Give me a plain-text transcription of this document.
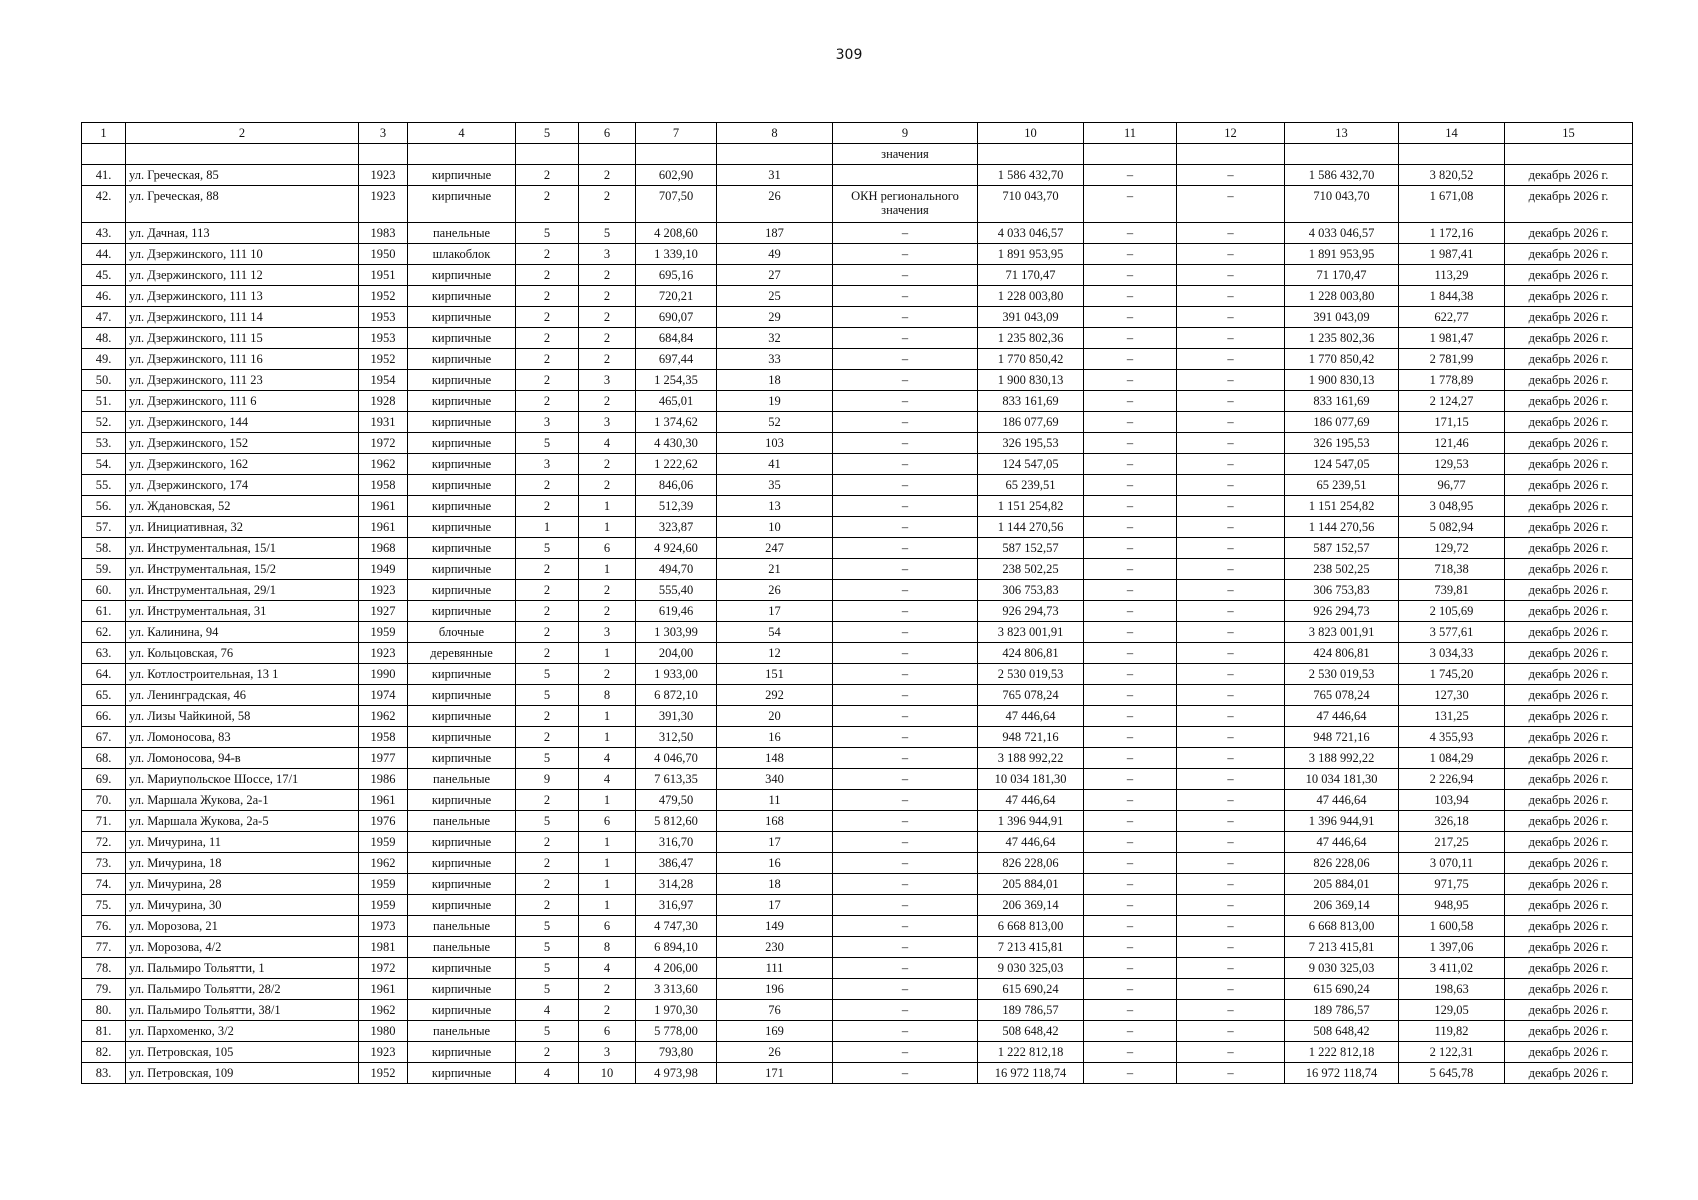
309
1	2	3	4	5	6	7	8	9	10	11	12	13	14	15
								значения						
41.	ул. Греческая, 85	1923	кирпичные	2	2	602,90	31		1 586 432,70	–	–	1 586 432,70	3 820,52	декабрь 2026 г.
42.	ул. Греческая, 88	1923	кирпичные	2	2	707,50	26	ОКН регионального значения	710 043,70	–	–	710 043,70	1 671,08	декабрь 2026 г.
43.	ул. Дачная, 113	1983	панельные	5	5	4 208,60	187	–	4 033 046,57	–	–	4 033 046,57	1 172,16	декабрь 2026 г.
44.	ул. Дзержинского, 111 10	1950	шлакоблок	2	3	1 339,10	49	–	1 891 953,95	–	–	1 891 953,95	1 987,41	декабрь 2026 г.
45.	ул. Дзержинского, 111 12	1951	кирпичные	2	2	695,16	27	–	71 170,47	–	–	71 170,47	113,29	декабрь 2026 г.
46.	ул. Дзержинского, 111 13	1952	кирпичные	2	2	720,21	25	–	1 228 003,80	–	–	1 228 003,80	1 844,38	декабрь 2026 г.
47.	ул. Дзержинского, 111 14	1953	кирпичные	2	2	690,07	29	–	391 043,09	–	–	391 043,09	622,77	декабрь 2026 г.
48.	ул. Дзержинского, 111 15	1953	кирпичные	2	2	684,84	32	–	1 235 802,36	–	–	1 235 802,36	1 981,47	декабрь 2026 г.
49.	ул. Дзержинского, 111 16	1952	кирпичные	2	2	697,44	33	–	1 770 850,42	–	–	1 770 850,42	2 781,99	декабрь 2026 г.
50.	ул. Дзержинского, 111 23	1954	кирпичные	2	3	1 254,35	18	–	1 900 830,13	–	–	1 900 830,13	1 778,89	декабрь 2026 г.
51.	ул. Дзержинского, 111 6	1928	кирпичные	2	2	465,01	19	–	833 161,69	–	–	833 161,69	2 124,27	декабрь 2026 г.
52.	ул. Дзержинского, 144	1931	кирпичные	3	3	1 374,62	52	–	186 077,69	–	–	186 077,69	171,15	декабрь 2026 г.
53.	ул. Дзержинского, 152	1972	кирпичные	5	4	4 430,30	103	–	326 195,53	–	–	326 195,53	121,46	декабрь 2026 г.
54.	ул. Дзержинского, 162	1962	кирпичные	3	2	1 222,62	41	–	124 547,05	–	–	124 547,05	129,53	декабрь 2026 г.
55.	ул. Дзержинского, 174	1958	кирпичные	2	2	846,06	35	–	65 239,51	–	–	65 239,51	96,77	декабрь 2026 г.
56.	ул. Ждановская, 52	1961	кирпичные	2	1	512,39	13	–	1 151 254,82	–	–	1 151 254,82	3 048,95	декабрь 2026 г.
57.	ул. Инициативная, 32	1961	кирпичные	1	1	323,87	10	–	1 144 270,56	–	–	1 144 270,56	5 082,94	декабрь 2026 г.
58.	ул. Инструментальная, 15/1	1968	кирпичные	5	6	4 924,60	247	–	587 152,57	–	–	587 152,57	129,72	декабрь 2026 г.
59.	ул. Инструментальная, 15/2	1949	кирпичные	2	1	494,70	21	–	238 502,25	–	–	238 502,25	718,38	декабрь 2026 г.
60.	ул. Инструментальная, 29/1	1923	кирпичные	2	2	555,40	26	–	306 753,83	–	–	306 753,83	739,81	декабрь 2026 г.
61.	ул. Инструментальная, 31	1927	кирпичные	2	2	619,46	17	–	926 294,73	–	–	926 294,73	2 105,69	декабрь 2026 г.
62.	ул. Калинина, 94	1959	блочные	2	3	1 303,99	54	–	3 823 001,91	–	–	3 823 001,91	3 577,61	декабрь 2026 г.
63.	ул. Кольцовская, 76	1923	деревянные	2	1	204,00	12	–	424 806,81	–	–	424 806,81	3 034,33	декабрь 2026 г.
64.	ул. Котлостроительная, 13 1	1990	кирпичные	5	2	1 933,00	151	–	2 530 019,53	–	–	2 530 019,53	1 745,20	декабрь 2026 г.
65.	ул. Ленинградская, 46	1974	кирпичные	5	8	6 872,10	292	–	765 078,24	–	–	765 078,24	127,30	декабрь 2026 г.
66.	ул. Лизы Чайкиной, 58	1962	кирпичные	2	1	391,30	20	–	47 446,64	–	–	47 446,64	131,25	декабрь 2026 г.
67.	ул. Ломоносова, 83	1958	кирпичные	2	1	312,50	16	–	948 721,16	–	–	948 721,16	4 355,93	декабрь 2026 г.
68.	ул. Ломоносова, 94-в	1977	кирпичные	5	4	4 046,70	148	–	3 188 992,22	–	–	3 188 992,22	1 084,29	декабрь 2026 г.
69.	ул. Мариупольское Шоссе, 17/1	1986	панельные	9	4	7 613,35	340	–	10 034 181,30	–	–	10 034 181,30	2 226,94	декабрь 2026 г.
70.	ул. Маршала Жукова, 2а-1	1961	кирпичные	2	1	479,50	11	–	47 446,64	–	–	47 446,64	103,94	декабрь 2026 г.
71.	ул. Маршала Жукова, 2а-5	1976	панельные	5	6	5 812,60	168	–	1 396 944,91	–	–	1 396 944,91	326,18	декабрь 2026 г.
72.	ул. Мичурина, 11	1959	кирпичные	2	1	316,70	17	–	47 446,64	–	–	47 446,64	217,25	декабрь 2026 г.
73.	ул. Мичурина, 18	1962	кирпичные	2	1	386,47	16	–	826 228,06	–	–	826 228,06	3 070,11	декабрь 2026 г.
74.	ул. Мичурина, 28	1959	кирпичные	2	1	314,28	18	–	205 884,01	–	–	205 884,01	971,75	декабрь 2026 г.
75.	ул. Мичурина, 30	1959	кирпичные	2	1	316,97	17	–	206 369,14	–	–	206 369,14	948,95	декабрь 2026 г.
76.	ул. Морозова, 21	1973	панельные	5	6	4 747,30	149	–	6 668 813,00	–	–	6 668 813,00	1 600,58	декабрь 2026 г.
77.	ул. Морозова, 4/2	1981	панельные	5	8	6 894,10	230	–	7 213 415,81	–	–	7 213 415,81	1 397,06	декабрь 2026 г.
78.	ул. Пальмиро Тольятти, 1	1972	кирпичные	5	4	4 206,00	111	–	9 030 325,03	–	–	9 030 325,03	3 411,02	декабрь 2026 г.
79.	ул. Пальмиро Тольятти, 28/2	1961	кирпичные	5	2	3 313,60	196	–	615 690,24	–	–	615 690,24	198,63	декабрь 2026 г.
80.	ул. Пальмиро Тольятти, 38/1	1962	кирпичные	4	2	1 970,30	76	–	189 786,57	–	–	189 786,57	129,05	декабрь 2026 г.
81.	ул. Пархоменко, 3/2	1980	панельные	5	6	5 778,00	169	–	508 648,42	–	–	508 648,42	119,82	декабрь 2026 г.
82.	ул. Петровская, 105	1923	кирпичные	2	3	793,80	26	–	1 222 812,18	–	–	1 222 812,18	2 122,31	декабрь 2026 г.
83.	ул. Петровская, 109	1952	кирпичные	4	10	4 973,98	171	–	16 972 118,74	–	–	16 972 118,74	5 645,78	декабрь 2026 г.
